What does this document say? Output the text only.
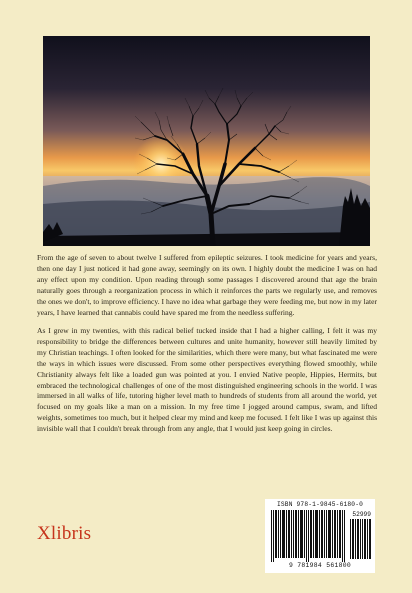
From the age of seven to about twelve I suffered from epileptic seizures. I took medicine for years and years, then one day I just noticed it had gone away, seemingly on its own. I highly doubt the medicine I was on had any effect upon my condition. Upon reading through some passages I discovered around that age the brain naturally goes through a reorganization process in which it reinforces the parts we regularly use, and removes the ones we don't, to improve efficiency. I have no idea what garbage they were feeding me, but now in my later years, I have learned that cannabis could have spared me from the needless suffering.

As I grew in my twenties, with this radical belief tucked inside that I had a higher calling, I felt it was my responsibility to bridge the differences between cultures and unite humanity, however still heavily limited by my Christian teachings. I often looked for the similarities, which there were many, but what fascinated me were the ways in which issues were discussed. From some other perspectives everything flowed smoothly, while Christianity always felt like a loaded gun was pointed at you. I envied Native people, Hippies, Hermits, but embraced the technological challenges of one of the most distinguished engineering schools in the world. I was immersed in all walks of life, tutoring higher level math to hundreds of students from all around the world, yet focused on my goals like a man on a mission. In my free time I jogged around campus, swam, and lifted weights, sometimes too much, but it helped clear my mind and keep me focused. I felt like I was up against this invisible wall that I couldn't break through from any angle, that I would just keep going in circles.

Xlibris
ISBN 978-1-9845-6180-0
52999
9 781984 561800
